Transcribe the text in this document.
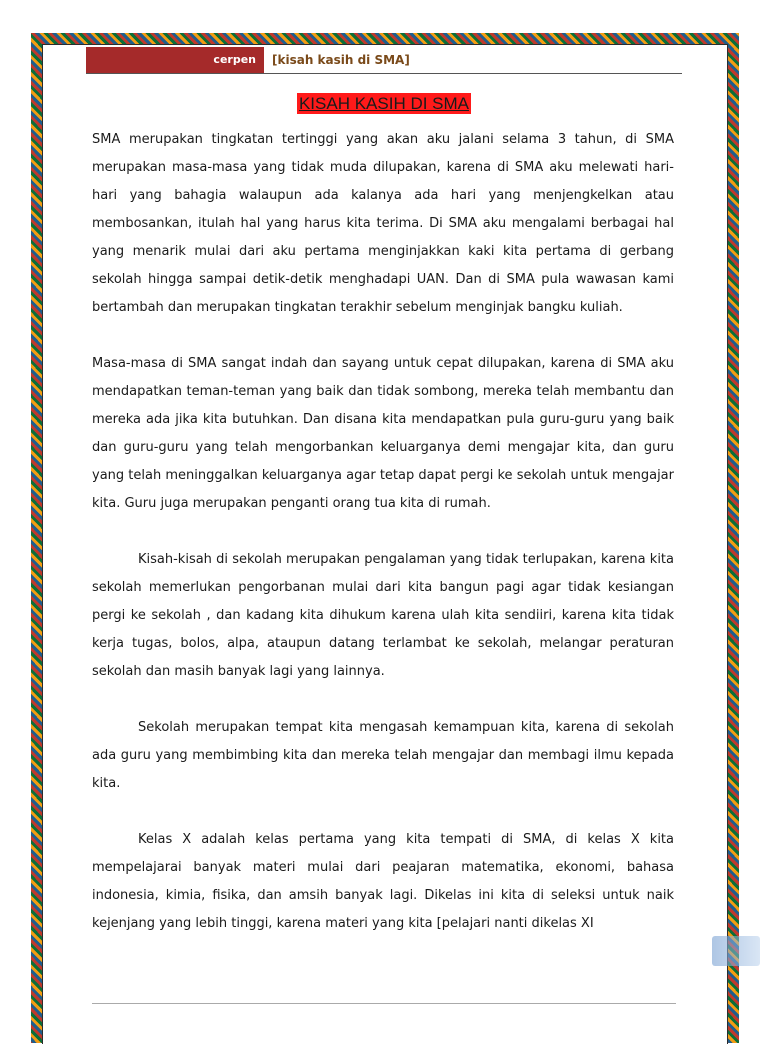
cerpen	[kisah kasih di SMA]
KISAH KASIH DI SMA

SMA merupakan tingkatan tertinggi yang akan aku jalani selama 3 tahun, di SMA merupakan masa-masa yang tidak muda dilupakan, karena di SMA aku melewati hari-hari yang bahagia walaupun ada kalanya ada hari yang menjengkelkan atau membosankan, itulah hal yang harus kita terima. Di SMA aku mengalami berbagai hal yang menarik mulai dari aku pertama menginjakkan kaki kita pertama di gerbang sekolah hingga sampai detik-detik menghadapi UAN. Dan di SMA pula wawasan kami bertambah dan merupakan tingkatan terakhir sebelum menginjak bangku kuliah.

Masa-masa di SMA sangat indah dan sayang untuk cepat dilupakan, karena di SMA aku mendapatkan teman-teman yang baik dan tidak sombong, mereka telah membantu dan mereka ada jika kita butuhkan. Dan disana kita mendapatkan pula guru-guru yang baik dan guru-guru yang telah mengorbankan keluarganya demi mengajar kita, dan guru yang telah meninggalkan keluarganya agar tetap dapat pergi ke sekolah untuk mengajar kita. Guru juga merupakan penganti orang tua kita di rumah.

Kisah-kisah di sekolah merupakan pengalaman yang tidak terlupakan, karena kita sekolah memerlukan pengorbanan mulai dari kita bangun pagi agar tidak kesiangan pergi ke sekolah , dan kadang kita dihukum karena ulah kita sendiiri, karena kita tidak kerja tugas, bolos, alpa, ataupun datang terlambat ke sekolah, melangar peraturan sekolah dan masih banyak lagi yang lainnya.

Sekolah merupakan tempat kita mengasah kemampuan kita, karena di sekolah ada guru yang membimbing kita dan mereka telah mengajar dan membagi ilmu kepada kita.

Kelas X adalah kelas pertama yang kita tempati di SMA, di kelas X kita mempelajarai banyak materi mulai dari peajaran matematika, ekonomi, bahasa indonesia, kimia, fisika, dan amsih banyak lagi. Dikelas ini kita di seleksi untuk naik kejenjang yang lebih tinggi, karena materi yang kita [pelajari nanti dikelas XI
